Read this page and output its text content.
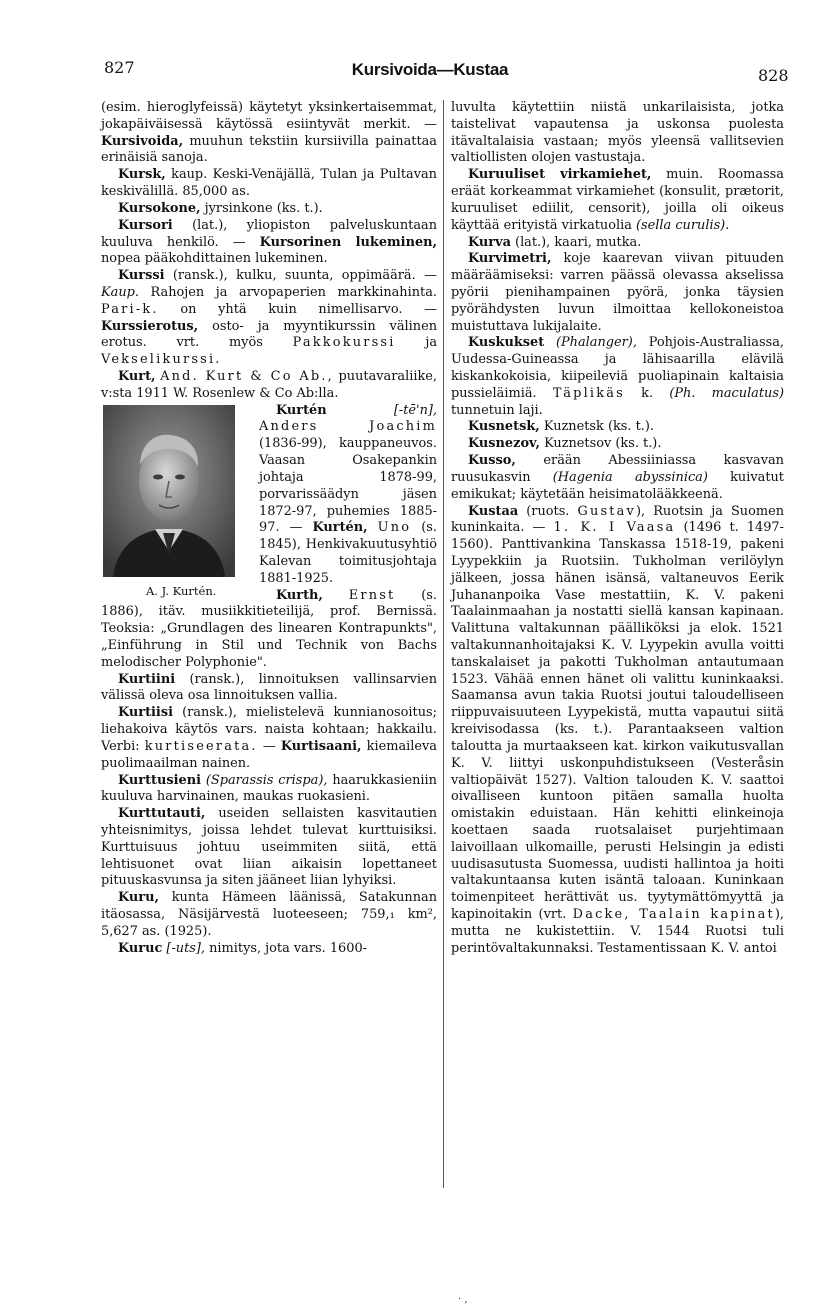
827	Kursivoida—Kustaa	828

(esim. hieroglyfeissä) käytetyt yksinkertaisemmat, jokapäiväisessä käytössä esiintyvät merkit. — Kursivoida, muuhun tekstiin kursiivilla painattaa erinäisiä sanoja.

Kursk, kaup. Keski-Venäjällä, Tulan ja Pultavan keskivälillä. 85,000 as.

Kursokone, jyrsinkone (ks. t.).

Kursori (lat.), yliopiston palveluskuntaan kuuluva henkilö. — Kursorinen lukeminen, nopea pääkohdittainen lukeminen.

Kurssi (ransk.), kulku, suunta, oppimäärä. — Kaup. Rahojen ja arvopaperien markkinahinta. Pari-k. on yhtä kuin nimellisarvo. — Kurssierotus, osto- ja myyntikurssin välinen erotus. vrt. myös Pakkokurssi ja Vekselikurssi.

Kurt, And. Kurt & Co Ab., puutavaraliike, v:sta 1911 W. Rosenlew & Co Ab:lla.

A. J. Kurtén.
Kurtén	[-tē'n], Anders Joachim (1836-99), kauppaneuvos. Vaasan Osakepankin johtaja 1878-99, porvarissäädyn jäsen 1872-97, puhemies 1885-97. — Kurtén, Uno (s. 1845), Henkivakuutusyhtiö Kalevan toimitusjohtaja 1881-1925.

Kurth, Ernst (s. 1886), itäv. musiikkitieteilijä, prof. Bernissä. Teoksia: „Grundlagen des linearen Kontrapunkts", „Einführung in Stil und Technik von Bachs melodischer Polyphonie".

Kurtiini (ransk.), linnoituksen vallinsarvien välissä oleva osa linnoituksen vallia.

Kurtiisi (ransk.), mielistelevä kunnianosoitus; liehakoiva käytös vars. naista kohtaan; hakkailu. Verbi: kurtiseerata. — Kurtisaani, kiemaileva puolimaailman nainen.

Kurttusieni (Sparassis crispa), haarukkasieniin kuuluva harvinainen, maukas ruokasieni.

Kurttutauti, useiden sellaisten kasvitautien yhteisnimitys, joissa lehdet tulevat kurttuisiksi. Kurttuisuus johtuu useimmiten siitä, että lehtisuonet ovat liian aikaisin lopettaneet pituuskasvunsa ja siten jääneet liian lyhyiksi.

Kuru, kunta Hämeen läänissä, Satakunnan itäosassa, Näsijärvestä luoteeseen; 759,₁ km², 5,627 as. (1925).

Kuruc [-uts], nimitys, jota vars. 1600-

luvulta käytettiin niistä unkarilaisista, jotka taistelivat vapautensa ja uskonsa puolesta itävaltalaisia vastaan; myös yleensä vallitsevien valtiollisten olojen vastustaja.

Kuruuliset virkamiehet, muin. Roomassa eräät korkeammat virkamiehet (konsulit, prætorit, kuruuliset ediilit, censorit), joilla oli oikeus käyttää erityistä virkatuolia (sella curulis).

Kurva (lat.), kaari, mutka.

Kurvimetri, koje kaarevan viivan pituuden määräämiseksi: varren päässä olevassa akselissa pyörii pienihampainen pyörä, jonka täysien pyörähdysten luvun ilmoittaa kellokoneistoa muistuttava lukijalaite.

Kuskukset (Phalanger), Pohjois-Australiassa, Uudessa-Guineassa ja lähisaarilla elävilä kiskankokoisia, kiipeileviä puoliapinain kaltaisia pussieläimiä. Täplikäs k. (Ph. maculatus) tunnetuin laji.

Kusnetsk, Kuznetsk (ks. t.).

Kusnezov, Kuznetsov (ks. t.).

Kusso, erään Abessiiniassa kasvavan ruusukasvin (Hagenia abyssinica) kuivatut emikukat; käytetään heisimatolääkkeenä.

Kustaa (ruots. Gustav), Ruotsin ja Suomen kuninkaita. — 1. K. I Vaasa (1496 t. 1497-1560). Panttivankina Tanskassa 1518-19, pakeni Lyypekkiin ja Ruotsiin. Tukholman verilöylyn jälkeen, jossa hänen isänsä, valtaneuvos Eerik Juhananpoika Vase mestattiin, K. V. pakeni Taalainmaahan ja nostatti siellä kansan kapinaan. Valittuna valtakunnan päälliköksi ja elok. 1521 valtakunnanhoitajaksi K. V. Lyypekin avulla voitti tanskalaiset ja pakotti Tukholman antautumaan 1523. Vähää ennen hänet oli valittu kuninkaaksi. Saamansa avun takia Ruotsi joutui taloudelliseen riippuvaisuuteen Lyypekistä, mutta vapautui siitä kreivisodassa (ks. t.). Parantaakseen valtion taloutta ja murtaakseen kat. kirkon vaikutusvallan K. V. liittyi uskonpuhdistukseen (Vesteråsin valtiopäivät 1527). Valtion talouden K. V. saattoi oivalliseen kuntoon pitäen samalla huolta omistakin eduistaan. Hän kehitti elinkeinoja koettaen saada ruotsalaiset purjehtimaan laivoillaan ulkomaille, perusti Helsingin ja edisti uudisasutusta Suomessa, uudisti hallintoa ja hoiti valtakuntaansa kuten isäntä taloaan. Kuninkaan toimenpiteet herättivät us. tyytymättömyyttä ja kapinoitakin (vrt. Dacke, Taalain kapinat), mutta ne kukistettiin. V. 1544 Ruotsi tuli perintövaltakunnaksi. Testamentissaan K. V. antoi

· ‚
